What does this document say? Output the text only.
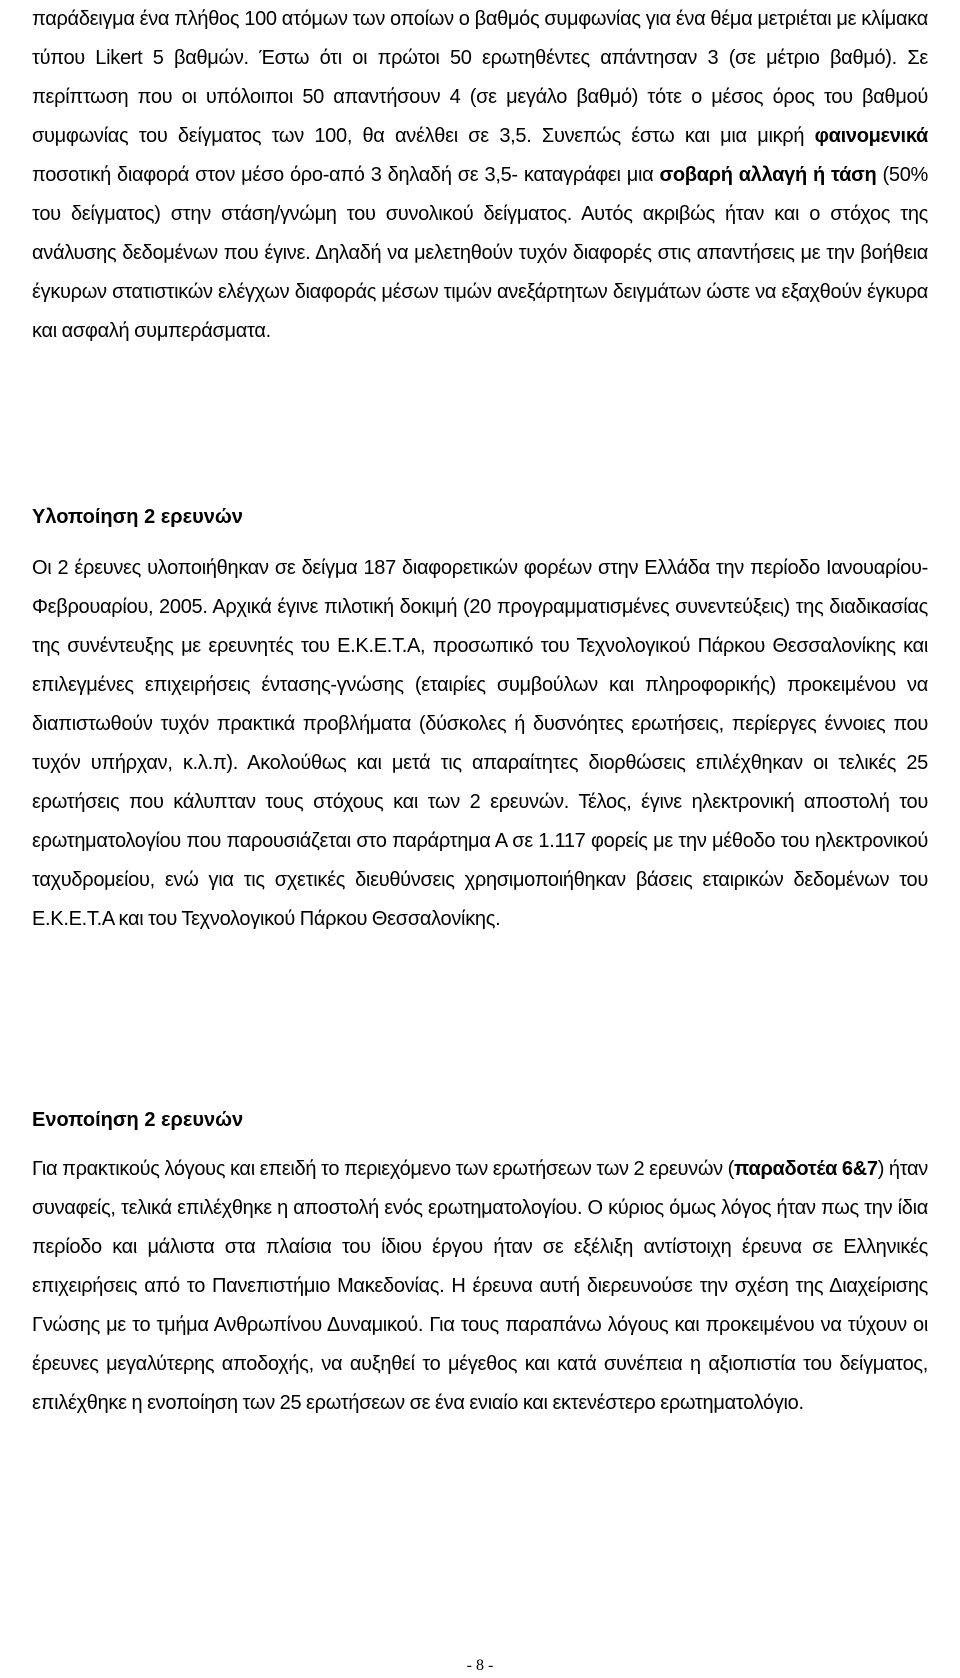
παράδειγμα ένα πλήθος 100 ατόμων των οποίων ο βαθμός συμφωνίας για ένα θέμα μετριέται με κλίμακα τύπου Likert 5 βαθμών. Έστω ότι οι πρώτοι 50 ερωτηθέντες απάντησαν 3 (σε μέτριο βαθμό). Σε περίπτωση που οι υπόλοιποι 50 απαντήσουν 4 (σε μεγάλο βαθμό) τότε ο μέσος όρος του βαθμού συμφωνίας του δείγματος των 100, θα ανέλθει σε 3,5. Συνεπώς έστω και μια μικρή φαινομενικά ποσοτική διαφορά στον μέσο όρο-από 3 δηλαδή σε 3,5- καταγράφει μια σοβαρή αλλαγή ή τάση (50% του δείγματος) στην στάση/γνώμη του συνολικού δείγματος. Αυτός ακριβώς ήταν και ο στόχος της ανάλυσης δεδομένων που έγινε. Δηλαδή να μελετηθούν τυχόν διαφορές στις απαντήσεις με την βοήθεια έγκυρων στατιστικών ελέγχων διαφοράς μέσων τιμών ανεξάρτητων δειγμάτων ώστε να εξαχθούν έγκυρα και ασφαλή συμπεράσματα.

Υλοποίηση 2 ερευνών

Οι 2 έρευνες υλοποιήθηκαν σε δείγμα 187 διαφορετικών φορέων στην Ελλάδα την περίοδο Ιανουαρίου-Φεβρουαρίου, 2005. Αρχικά έγινε πιλοτική δοκιμή (20 προγραμματισμένες συνεντεύξεις) της διαδικασίας της συνέντευξης με ερευνητές του Ε.Κ.Ε.Τ.Α, προσωπικό του Τεχνολογικού Πάρκου Θεσσαλονίκης και επιλεγμένες επιχειρήσεις έντασης-γνώσης (εταιρίες συμβούλων και πληροφορικής) προκειμένου να διαπιστωθούν τυχόν πρακτικά προβλήματα (δύσκολες ή δυσνόητες ερωτήσεις, περίεργες έννοιες που τυχόν υπήρχαν, κ.λ.π). Ακολούθως και μετά τις απαραίτητες διορθώσεις επιλέχθηκαν οι τελικές 25 ερωτήσεις που κάλυπταν τους στόχους και των 2 ερευνών. Τέλος, έγινε ηλεκτρονική αποστολή του ερωτηματολογίου που παρουσιάζεται στο παράρτημα Α σε 1.117 φορείς με την μέθοδο του ηλεκτρονικού ταχυδρομείου, ενώ για τις σχετικές διευθύνσεις χρησιμοποιήθηκαν βάσεις εταιρικών δεδομένων του Ε.Κ.Ε.Τ.Α και του Τεχνολογικού Πάρκου Θεσσαλονίκης.

Ενοποίηση 2 ερευνών

Για πρακτικούς λόγους και επειδή το περιεχόμενο των ερωτήσεων των 2 ερευνών (παραδοτέα 6&7) ήταν συναφείς, τελικά επιλέχθηκε η αποστολή ενός ερωτηματολογίου. Ο κύριος όμως λόγος ήταν πως την ίδια περίοδο και μάλιστα στα πλαίσια του ίδιου έργου ήταν σε εξέλιξη αντίστοιχη έρευνα σε Ελληνικές επιχειρήσεις από το Πανεπιστήμιο Μακεδονίας. Η έρευνα αυτή διερευνούσε την σχέση της Διαχείρισης Γνώσης με το τμήμα Ανθρωπίνου Δυναμικού. Για τους παραπάνω λόγους και προκειμένου να τύχουν οι έρευνες μεγαλύτερης αποδοχής, να αυξηθεί το μέγεθος και κατά συνέπεια η αξιοπιστία του δείγματος, επιλέχθηκε η ενοποίηση των 25 ερωτήσεων σε ένα ενιαίο και εκτενέστερο ερωτηματολόγιο.

- 8 -
